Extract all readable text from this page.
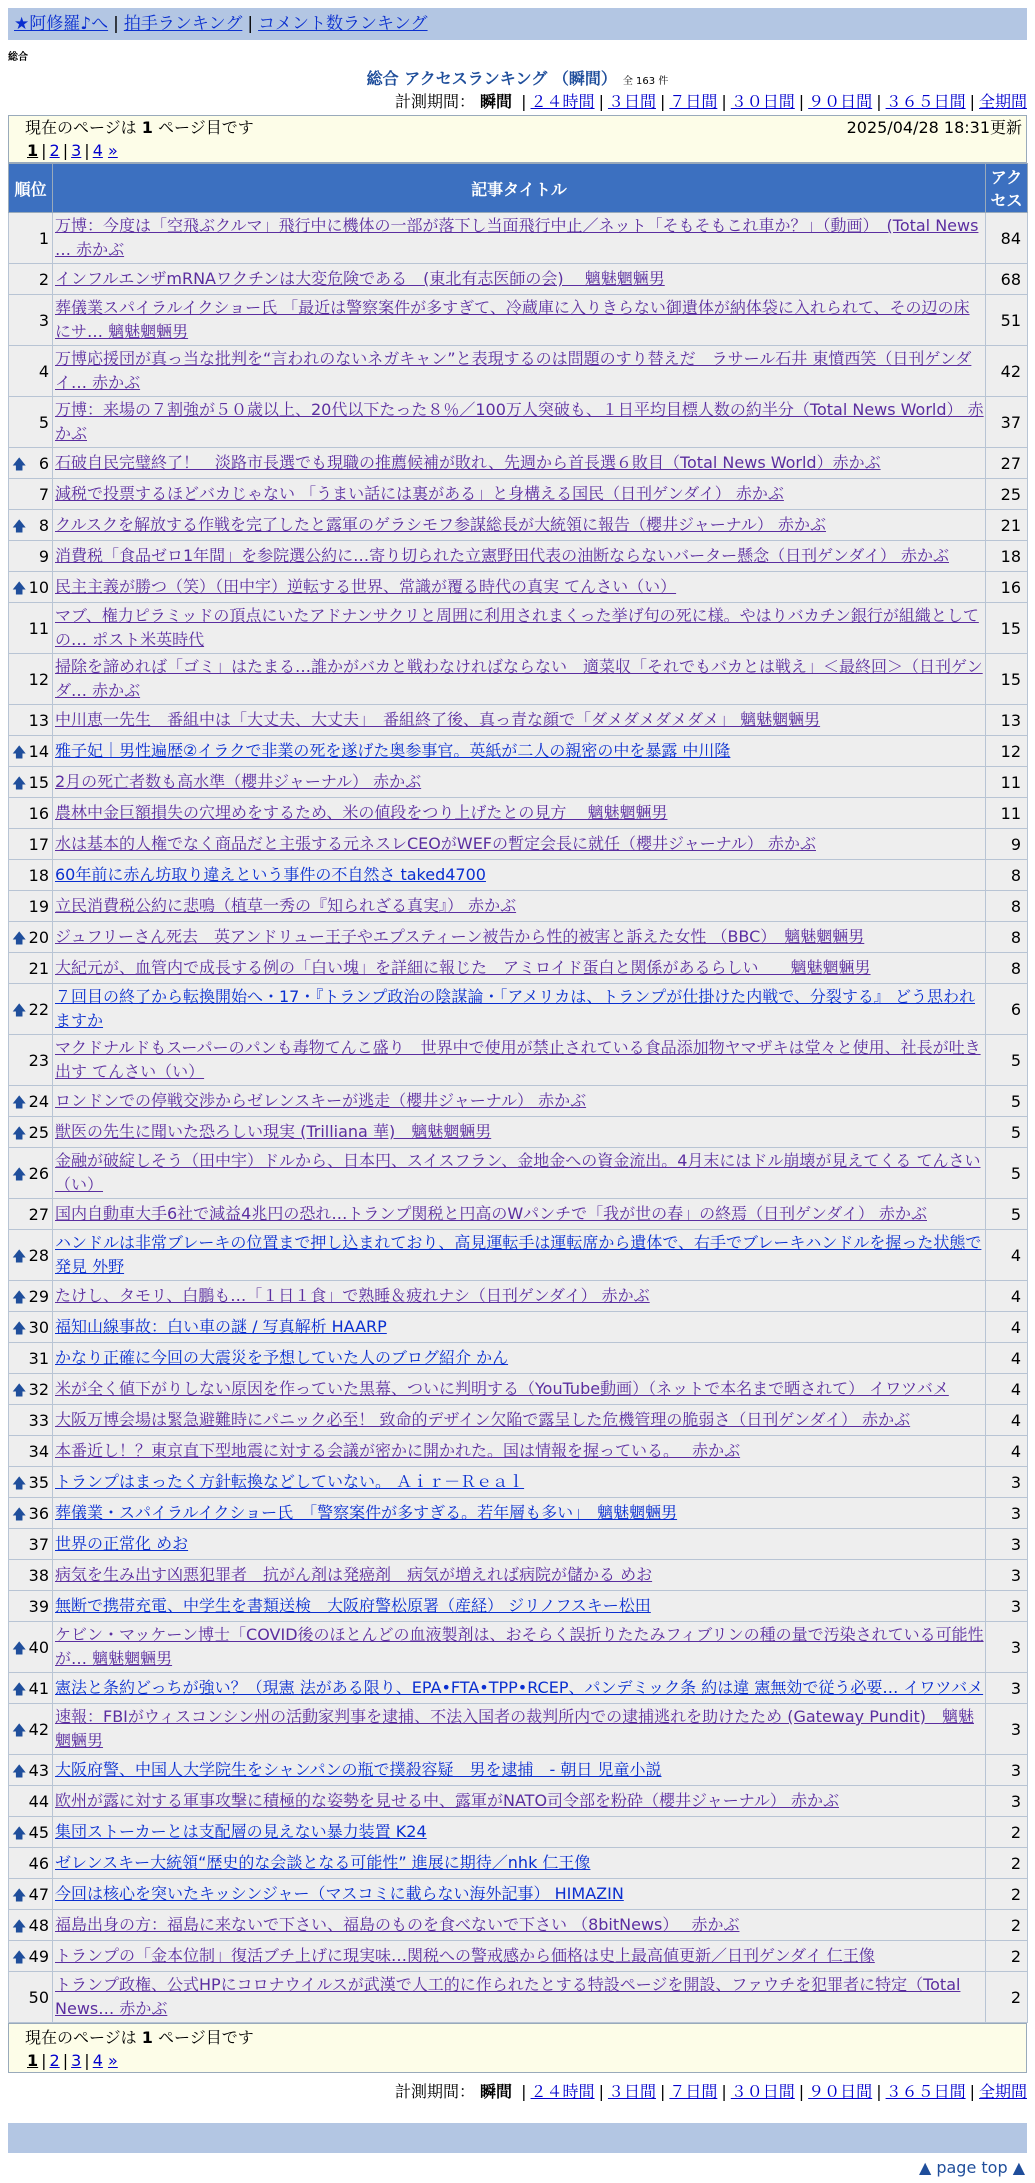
★阿修羅♪へ | 拍手ランキング | コメント数ランキング
総合
総合 アクセスランキング （瞬間） 全 163 件
計測期間： 瞬間 | ２４時間 | ３日間 | ７日間 | ３０日間 | ９０日間 | ３６５日間 | 全期間
現在のページは 1 ページ目です	2025/04/28 18:31更新
1 | 2 | 3 | 4 »
順位	記事タイトル	アクセス
1	万博：今度は「空飛ぶクルマ」飛行中に機体の一部が落下し当面飛行中止／ネット「そもそもこれ車か？」（動画）　(Total News … 赤かぶ	84
2	インフルエンザmRNAワクチンは大変危険である　(東北有志医師の会)　 魑魅魍魎男	68
3	葬儀業スパイラルイクショー氏 「最近は警察案件が多すぎて、冷蔵庫に入りきらない御遺体が納体袋に入れられて、その辺の床にサ… 魑魅魍魎男	51
4	万博応援団が真っ当な批判を“言われのないネガキャン”と表現するのは問題のすり替えだ　ラサール石井 東憤西笑（日刊ゲンダイ… 赤かぶ	42
5	万博：来場の７割強が５０歳以上、20代以下たった８％／100万人突破も、１日平均目標人数の約半分（Total News World） 赤かぶ	37

🡅 6	石破自民完璧終了！　淡路市長選でも現職の推薦候補が敗れ、先週から首長選６敗目（Total News World）赤かぶ	27
7	減税で投票するほどバカじゃない 「うまい話には裏がある」と身構える国民（日刊ゲンダイ） 赤かぶ	25

🡅 8	クルスクを解放する作戦を完了したと露軍のゲラシモフ参謀総長が大統領に報告（櫻井ジャーナル） 赤かぶ	21
9	消費税「食品ゼロ1年間」を参院選公約に…寄り切られた立憲野田代表の油断ならないバーター懸念（日刊ゲンダイ） 赤かぶ	18

🡅 10	民主主義が勝つ（笑）（田中宇）逆転する世界、常識が覆る時代の真実 てんさい（い）	16
11	マブ、権力ピラミッドの頂点にいたアドナンサクリと周囲に利用されまくった挙げ句の死に様。やはりバカチン銀行が組織としての… ポスト米英時代	15
12	掃除を諦めれば「ゴミ」はたまる…誰かがバカと戦わなければならない　適菜収「それでもバカとは戦え」＜最終回＞（日刊ゲンダ… 赤かぶ	15
13	中川恵一先生　番組中は「大丈夫、大丈夫」　番組終了後、真っ青な顔で「ダメダメダメダメ」 魑魅魍魎男	13

🡅 14	雅子妃｜男性遍歴②イラクで非業の死を遂げた奥参事官。英紙が二人の親密の中を暴露 中川隆	12

🡅 15	2月の死亡者数も高水準（櫻井ジャーナル） 赤かぶ	11
16	農林中金巨額損失の穴埋めをするため、米の値段をつり上げたとの見方　 魑魅魍魎男	11
17	水は基本的人権でなく商品だと主張する元ネスレCEOがWEFの暫定会長に就任（櫻井ジャーナル） 赤かぶ	9
18	60年前に赤ん坊取り違えという事件の不自然さ taked4700	8
19	立民消費税公約に悲鳴（植草一秀の『知られざる真実』） 赤かぶ	8

🡅 20	ジュフリーさん死去　英アンドリュー王子やエプスティーン被告から性的被害と訴えた女性 （BBC）　魑魅魍魎男	8
21	大紀元が、血管内で成長する例の「白い塊」を詳細に報じた　アミロイド蛋白と関係があるらしい　　魑魅魍魎男	8

🡅 22	７回目の終了から転換開始へ・17・『トランプ政治の陰謀論・「アメリカは、トランプが仕掛けた内戦で、分裂する』 どう思われますか	6
23	マクドナルドもスーパーのパンも毒物てんこ盛り　世界中で使用が禁止されている食品添加物ヤマザキは堂々と使用、社長が吐き出す てんさい（い）	5

🡅 24	ロンドンでの停戦交渉からゼレンスキーが逃走（櫻井ジャーナル） 赤かぶ	5

🡅 25	獣医の先生に聞いた恐ろしい現実 (Trilliana 華)　魑魅魍魎男	5

🡅 26	金融が破綻しそう（田中宇）ドルから、日本円、スイスフラン、金地金への資金流出。4月末にはドル崩壊が見えてくる てんさい（い）	5
27	国内自動車大手6社で減益4兆円の恐れ…トランプ関税と円高のWパンチで「我が世の春」の終焉（日刊ゲンダイ） 赤かぶ	5

🡅 28	ハンドルは非常ブレーキの位置まで押し込まれており、高見運転手は運転席から遺体で、右手でブレーキハンドルを握った状態で発見 外野	4

🡅 29	たけし、タモリ、白鵬も…「１日１食」で熟睡＆疲れナシ（日刊ゲンダイ） 赤かぶ	4

🡅 30	福知山線事故：白い車の謎 / 写真解析 HAARP	4
31	かなり正確に今回の大震災を予想していた人のブログ紹介 かん	4

🡅 32	米が全く値下がりしない原因を作っていた黒幕、ついに判明する（YouTube動画）（ネットで本名まで晒されて） イワツバメ	4
33	大阪万博会場は緊急避難時にパニック必至！ 致命的デザイン欠陥で露呈した危機管理の脆弱さ（日刊ゲンダイ） 赤かぶ	4
34	本番近し！？東京直下型地震に対する会議が密かに開かれた。国は情報を握っている。　 赤かぶ	4

🡅 35	トランプはまったく方針転換などしていない。 Ａｉｒ－Ｒｅａｌ	3

🡅 36	葬儀業・スパイラルイクショー氏　「警察案件が多すぎる。若年層も多い」　魑魅魍魎男	3
37	世界の正常化 めお	3
38	病気を生み出す凶悪犯罪者　抗がん剤は発癌剤　病気が増えれば病院が儲かる めお	3
39	無断で携帯充電、中学生を書類送検　大阪府警松原署（産経） ジリノフスキー松田	3

🡅 40	ケビン・マッケーン博士「COVID後のほとんどの血液製剤は、おそらく誤折りたたみフィブリンの種の量で汚染されている可能性が… 魑魅魍魎男	3

🡅 41	憲法と条約どっちが強い？（現憲 法がある限り、EPA•FTA•TPP•RCEP、パンデミック条 約は違 憲無効で従う必要… イワツバメ	3

🡅 42	速報：FBIがウィスコンシン州の活動家判事を逮捕、不法入国者の裁判所内での逮捕逃れを助けたため (Gateway Pundit)　魑魅魍魎男	3

🡅 43	大阪府警、中国人大学院生をシャンパンの瓶で撲殺容疑　男を逮捕　- 朝日 児童小説	3
44	欧州が露に対する軍事攻撃に積極的な姿勢を見せる中、露軍がNATO司令部を粉砕（櫻井ジャーナル） 赤かぶ	3

🡅 45	集団ストーカーとは支配層の見えない暴力装置 K24	2
46	ゼレンスキー大統領“歴史的な会談となる可能性” 進展に期待／nhk 仁王像	2

🡅 47	今回は核心を突いたキッシンジャー（マスコミに載らない海外記事） HIMAZIN	2

🡅 48	福島出身の方：福島に来ないで下さい、福島のものを食べないで下さい （8bitNews）　 赤かぶ	2

🡅 49	トランプの「金本位制」復活ブチ上げに現実味…関税への警戒感から価格は史上最高値更新／日刊ゲンダイ 仁王像	2
50	トランプ政権、公式HPにコロナウイルスが武漢で人工的に作られたとする特設ページを開設、ファウチを犯罪者に特定（Total News… 赤かぶ	2
現在のページは 1 ページ目です
1 | 2 | 3 | 4 »
計測期間： 瞬間 | ２４時間 | ３日間 | ７日間 | ３０日間 | ９０日間 | ３６５日間 | 全期間
▲ page top ▲
